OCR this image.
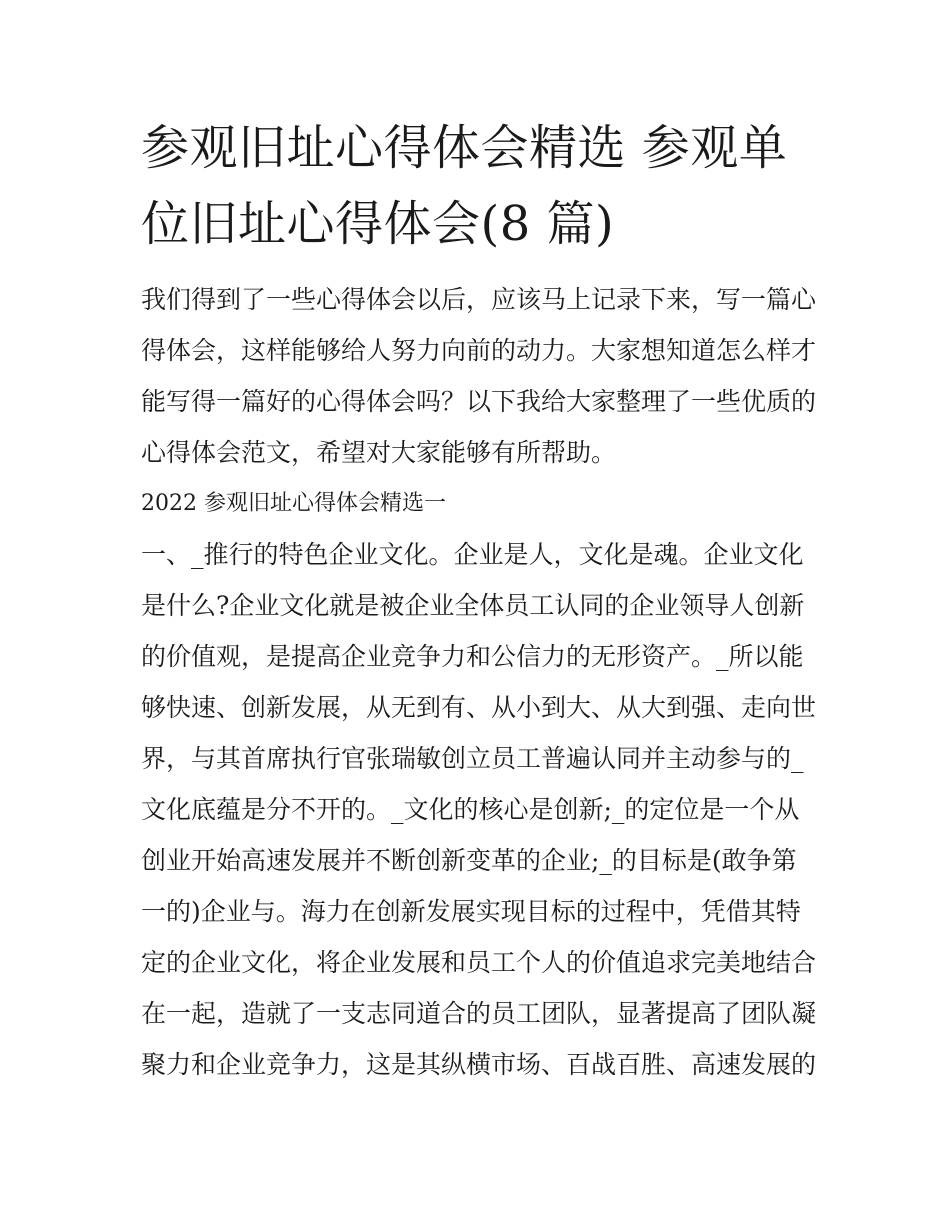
参观旧址心得体会精选 参观单
位旧址心得体会(8 篇)
我们得到了一些心得体会以后，应该马上记录下来，写一篇心
得体会，这样能够给人努力向前的动力。大家想知道怎么样才
能写得一篇好的心得体会吗？以下我给大家整理了一些优质的
心得体会范文，希望对大家能够有所帮助。
2022 参观旧址心得体会精选一
一、_推行的特色企业文化。企业是人，文化是魂。企业文化
是什么?企业文化就是被企业全体员工认同的企业领导人创新
的价值观，是提高企业竞争力和公信力的无形资产。_所以能
够快速、创新发展，从无到有、从小到大、从大到强、走向世
界，与其首席执行官张瑞敏创立员工普遍认同并主动参与的_
文化底蕴是分不开的。_文化的核心是创新;_的定位是一个从
创业开始高速发展并不断创新变革的企业;_的目标是(敢争第
一的)企业与。海力在创新发展实现目标的过程中，凭借其特
定的企业文化，将企业发展和员工个人的价值追求完美地结合
在一起，造就了一支志同道合的员工团队，显著提高了团队凝
聚力和企业竞争力，这是其纵横市场、百战百胜、高速发展的
